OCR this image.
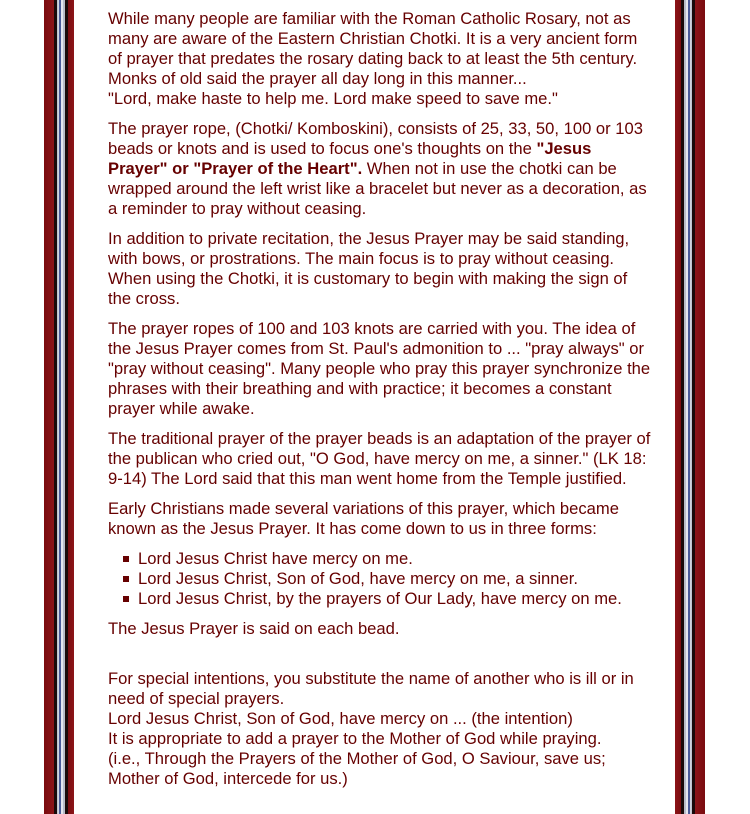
While many people are familiar with the Roman Catholic Rosary, not as many are aware of the Eastern Christian Chotki. It is a very ancient form of prayer that predates the rosary dating back to at least the 5th century. Monks of old said the prayer all day long in this manner...
"Lord, make haste to help me. Lord make speed to save me."

The prayer rope, (Chotki/ Komboskini), consists of 25, 33, 50, 100 or 103 beads or knots and is used to focus one's thoughts on the "Jesus Prayer" or "Prayer of the Heart". When not in use the chotki can be wrapped around the left wrist like a bracelet but never as a decoration, as a reminder to pray without ceasing.

In addition to private recitation, the Jesus Prayer may be said standing, with bows, or prostrations. The main focus is to pray without ceasing. When using the Chotki, it is customary to begin with making the sign of the cross.

The prayer ropes of 100 and 103 knots are carried with you. The idea of the Jesus Prayer comes from St. Paul's admonition to ... "pray always" or "pray without ceasing". Many people who pray this prayer synchronize the phrases with their breathing and with practice; it becomes a constant prayer while awake.

The traditional prayer of the prayer beads is an adaptation of the prayer of the publican who cried out, "O God, have mercy on me, a sinner." (LK 18: 9-14) The Lord said that this man went home from the Temple justified.

Early Christians made several variations of this prayer, which became known as the Jesus Prayer. It has come down to us in three forms:

Lord Jesus Christ have mercy on me.
Lord Jesus Christ, Son of God, have mercy on me, a sinner.
Lord Jesus Christ, by the prayers of Our Lady, have mercy on me.

The Jesus Prayer is said on each bead.

For special intentions, you substitute the name of another who is ill or in need of special prayers.
Lord Jesus Christ, Son of God, have mercy on ... (the intention)
It is appropriate to add a prayer to the Mother of God while praying.
(i.e., Through the Prayers of the Mother of God, O Saviour, save us; Mother of God, intercede for us.)
